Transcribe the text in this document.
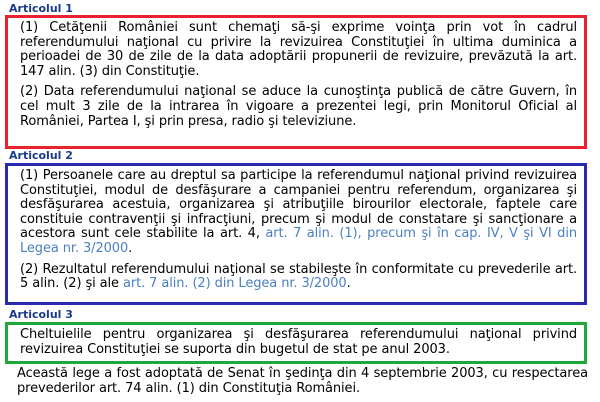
Articolul 1

(1) Cetăţenii României sunt chemaţi să-şi exprime voinţa prin vot în cadrul referendumului naţional cu privire la revizuirea Constituţiei în ultima duminica a perioadei de 30 de zile de la data adoptării propunerii de revizuire, prevăzută la art. 147 alin. (3) din Constituţie.

(2) Data referendumului naţional se aduce la cunoştinţa publică de către Guvern, în cel mult 3 zile de la intrarea în vigoare a prezentei legi, prin Monitorul Oficial al României, Partea I, şi prin presa, radio şi televiziune.

Articolul 2

(1) Persoanele care au dreptul sa participe la referendumul naţional privind revizuirea Constituţiei, modul de desfăşurare a campaniei pentru referendum, organizarea şi desfăşurarea acestuia, organizarea şi atribuţiile birourilor electorale, faptele care constituie contravenţii şi infracţiuni, precum şi modul de constatare şi sancţionare a acestora sunt cele stabilite la art. 4, art. 7 alin. (1), precum şi în cap. IV, V şi VI din Legea nr. 3/2000.

(2) Rezultatul referendumului naţional se stabileşte în conformitate cu prevederile art. 5 alin. (2) şi ale art. 7 alin. (2) din Legea nr. 3/2000.

Articolul 3

Cheltuielile pentru organizarea şi desfăşurarea referendumului naţional privind revizuirea Constituţiei se suporta din bugetul de stat pe anul 2003.

Această lege a fost adoptată de Senat în şedinţa din 4 septembrie 2003, cu respectarea prevederilor art. 74 alin. (1) din Constituţia României.
